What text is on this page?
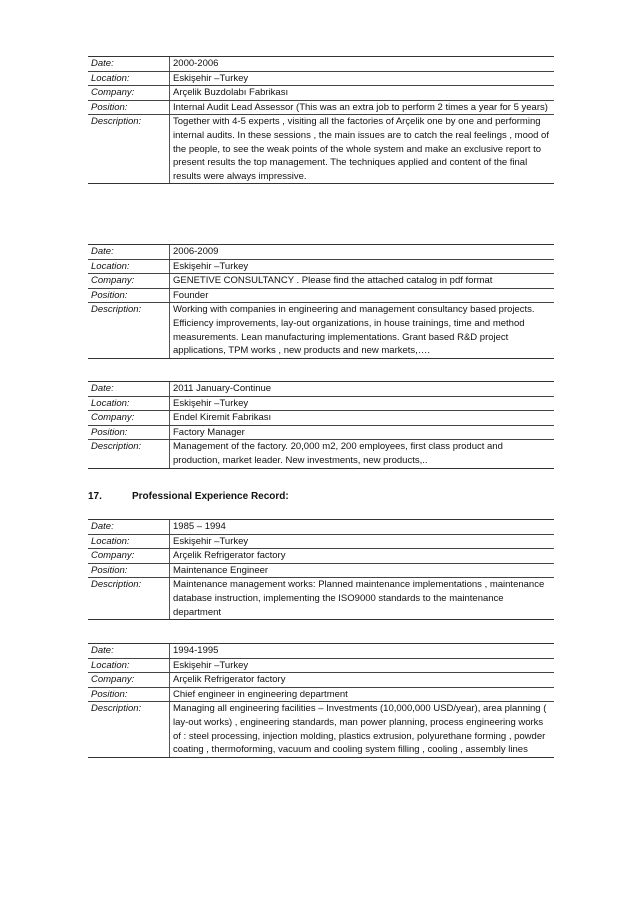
Date:	2000-2006
Location:	Eskişehir –Turkey
Company:	Arçelik Buzdolabı Fabrikası
Position:	Internal Audit Lead Assessor (This was an extra job to perform 2 times a year for 5 years)
Description:	Together with 4-5 experts , visiting all the factories of Arçelik one by one and performing internal audits. In these sessions , the main issues are to catch the real feelings , mood of the people, to see the weak points of the whole system and make an exclusive report to present results the top management. The techniques applied and content of the final results were always impressive.
Date:	2006-2009
Location:	Eskişehir –Turkey
Company:	GENETIVE CONSULTANCY . Please find the attached catalog in pdf format
Position:	Founder
Description:	Working with companies in engineering and management consultancy based projects. Efficiency improvements, lay-out organizations, in house trainings, time and method measurements. Lean manufacturing implementations. Grant based R&D project applications, TPM works , new products and new markets,….
Date:	2011 January-Continue
Location:	Eskişehir –Turkey
Company:	Endel Kiremit Fabrikası
Position:	Factory Manager
Description:	Management of the factory. 20,000 m2, 200 employees, first class product and production, market leader. New investments, new products,..
17.	Professional Experience Record:
Date:	1985 – 1994
Location:	Eskişehir –Turkey
Company:	Arçelik Refrigerator factory
Position:	Maintenance Engineer
Description:	Maintenance management works: Planned maintenance implementations , maintenance database instruction, implementing the ISO9000 standards to the maintenance department
Date:	1994-1995
Location:	Eskişehir –Turkey
Company:	Arçelik Refrigerator factory
Position:	Chief engineer in engineering department
Description:	Managing all engineering facilities – Investments (10,000,000 USD/year), area planning ( lay-out works) , engineering standards, man power planning, process engineering works of : steel processing, injection molding, plastics extrusion, polyurethane forming , powder coating , thermoforming, vacuum and cooling system filling , cooling , assembly lines
